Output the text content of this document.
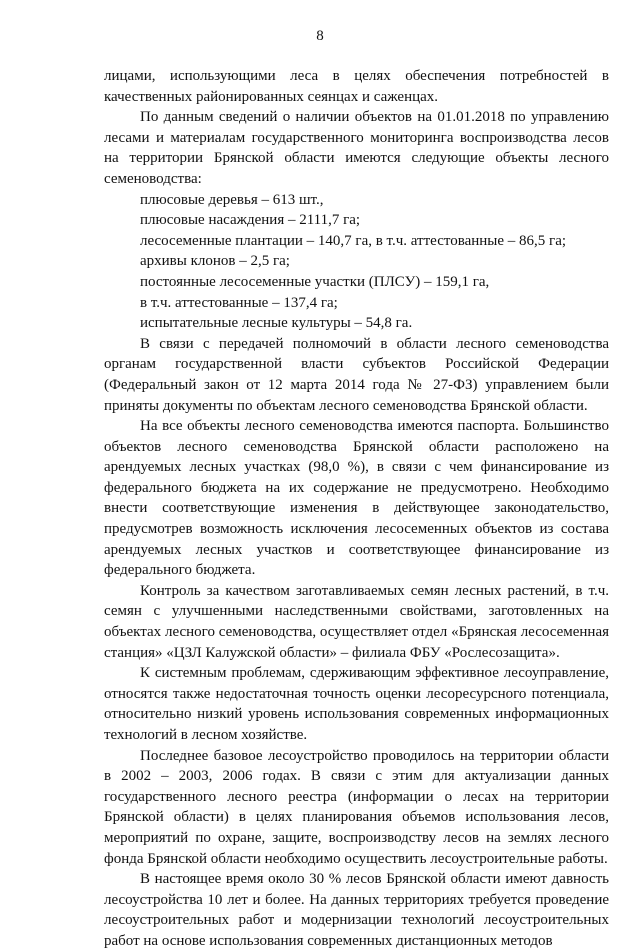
8

лицами, использующими леса в целях обеспечения потребностей в качественных районированных сеянцах и саженцах.

По данным сведений о наличии объектов на 01.01.2018 по управлению лесами и материалам государственного мониторинга воспроизводства лесов на территории Брянской области имеются следующие объекты лесного семеноводства:

плюсовые деревья – 613 шт.,
плюсовые насаждения – 2111,7 га;
лесосеменные плантации – 140,7 га, в т.ч. аттестованные – 86,5 га;
архивы клонов – 2,5 га;
постоянные лесосеменные участки (ПЛСУ) – 159,1 га,
в т.ч. аттестованные – 137,4 га;
испытательные лесные культуры – 54,8 га.

В связи с передачей полномочий в области лесного семеноводства органам государственной власти субъектов Российской Федерации (Федеральный закон от 12 марта 2014 года № 27-ФЗ) управлением были приняты документы по объектам лесного семеноводства Брянской области.

На все объекты лесного семеноводства имеются паспорта. Большинство объектов лесного семеноводства Брянской области расположено на арендуемых лесных участках (98,0 %), в связи с чем финансирование из федерального бюджета на их содержание не предусмотрено. Необходимо внести соответствующие изменения в действующее законодательство, предусмотрев возможность исключения лесосеменных объектов из состава арендуемых лесных участков и соответствующее финансирование из федерального бюджета.

Контроль за качеством заготавливаемых семян лесных растений, в т.ч. семян с улучшенными наследственными свойствами, заготовленных на объектах лесного семеноводства, осуществляет отдел «Брянская лесосеменная станция» «ЦЗЛ Калужской области» – филиала ФБУ «Рослесозащита».

К системным проблемам, сдерживающим эффективное лесоуправление, относятся также недостаточная точность оценки лесоресурсного потенциала, относительно низкий уровень использования современных информационных технологий в лесном хозяйстве.

Последнее базовое лесоустройство проводилось на территории области в 2002 – 2003, 2006 годах. В связи с этим для актуализации данных государственного лесного реестра (информации о лесах на территории Брянской области) в целях планирования объемов использования лесов, мероприятий по охране, защите, воспроизводству лесов на землях лесного фонда Брянской области необходимо осуществить лесоустроительные работы.

В настоящее время около 30 % лесов Брянской области имеют давность лесоустройства 10 лет и более. На данных территориях требуется проведение лесоустроительных работ и модернизации технологий лесоустроительных работ на основе использования современных дистанционных методов
